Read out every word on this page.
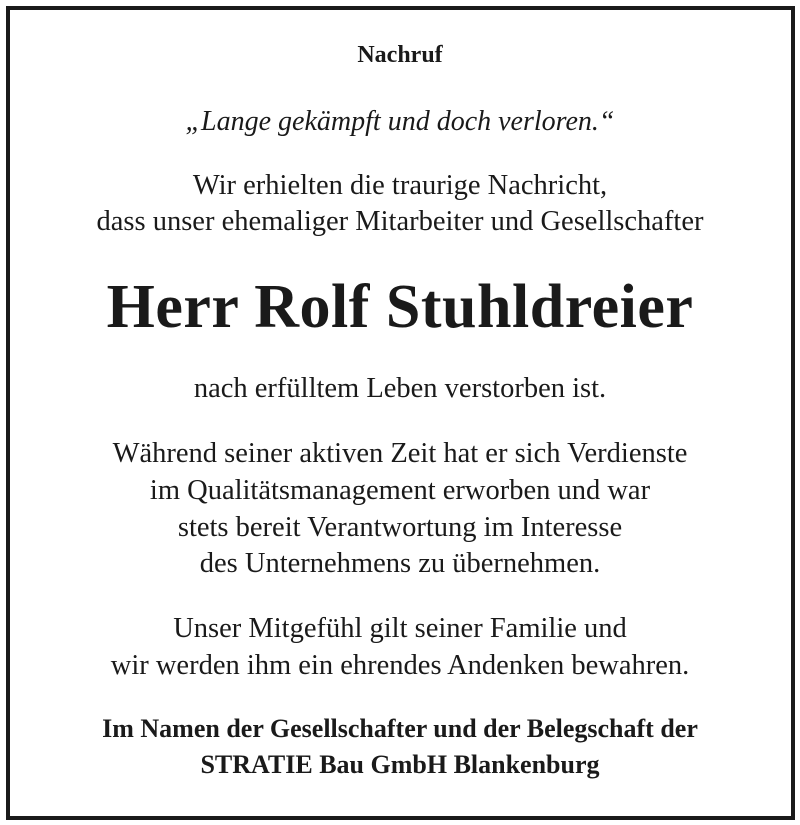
Nachruf
„Lange gekämpft und doch verloren.“
Wir erhielten die traurige Nachricht,
dass unser ehemaliger Mitarbeiter und Gesellschafter
Herr Rolf Stuhldreier
nach erfülltem Leben verstorben ist.
Während seiner aktiven Zeit hat er sich Verdienste
im Qualitätsmanagement erworben und war
stets bereit Verantwortung im Interesse
des Unternehmens zu übernehmen.
Unser Mitgefühl gilt seiner Familie und
wir werden ihm ein ehrendes Andenken bewahren.
Im Namen der Gesellschafter und der Belegschaft der
STRATIE Bau GmbH Blankenburg
